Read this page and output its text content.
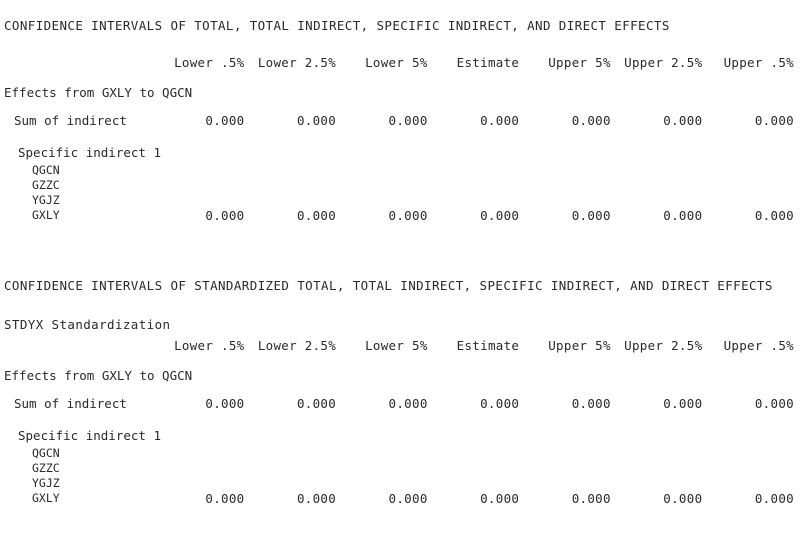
CONFIDENCE INTERVALS OF TOTAL, TOTAL INDIRECT, SPECIFIC INDIRECT, AND DIRECT EFFECTS
	Lower .5%	Lower 2.5%	Lower 5%	Estimate	Upper 5%	Upper 2.5%	Upper .5%

Effects from GXLY to QGCN							

Sum of indirect	0.000	0.000	0.000	0.000	0.000	0.000	0.000

Specific indirect 1							
QGCN							
GZZC							
YGJZ							
GXLY	0.000	0.000	0.000	0.000	0.000	0.000	0.000
CONFIDENCE INTERVALS OF STANDARDIZED TOTAL, TOTAL INDIRECT, SPECIFIC INDIRECT, AND DIRECT EFFECTS
STDYX Standardization
	Lower .5%	Lower 2.5%	Lower 5%	Estimate	Upper 5%	Upper 2.5%	Upper .5%

Effects from GXLY to QGCN							

Sum of indirect	0.000	0.000	0.000	0.000	0.000	0.000	0.000

Specific indirect 1							
QGCN							
GZZC							
YGJZ							
GXLY	0.000	0.000	0.000	0.000	0.000	0.000	0.000
